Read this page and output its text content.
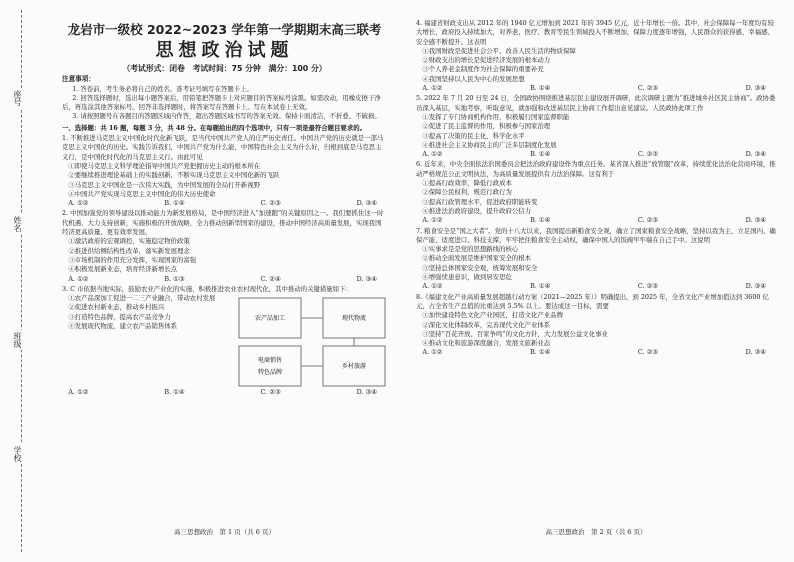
座号
姓名
班级
学校
龙岩市一级校 2022~2023 学年第一学期期末高三联考
思想政治试题
（考试形式：闭卷　考试时间：75 分钟　满分：100 分）
注意事项：

1. 答卷前，考生务必将自己的姓名、准考证号填写在答题卡上。

2. 回答选择题时，选出每小题答案后，用铅笔把答题卡上对应题目的答案标号涂黑。如需改动，用橡皮擦干净后，再选涂其他答案标号。回答非选择题时，将答案写在答题卡上。写在本试卷上无效。

3. 请按照题号在各题目的答题区域内作答，超出答题区域书写的答案无效。保持卡面清洁，不折叠、不破损。

一、选择题：共 16 题，每题 3 分，共 48 分。在每题给出的四个选项中，只有一项是最符合题目要求的。
1. 不断推进马克思主义中国化时代化新飞跃，是当代中国共产党人的庄严历史责任。中国共产党的历史就是一部马克思主义中国化的历史。实践告诉我们，中国共产党为什么能，中国特色社会主义为什么好，归根到底是马克思主义行，是中国化时代化的马克思主义行。由此可见
①即使马克思主义科学理论指导中国共产党把握历史主动的根本所在
②要继续推进理论基础上的实践创新，不断实现马克思主义中国化新的飞跃
③马克思主义中国化是一次伟大实践，为中国发展的全局打开新视野
④中国共产党实现马克思主义中国化的伟大历史使命
A. ①②	B. ①④	C. ②③	D. ③④
2. 中国加强党的领导建设以推动能力为新发展格局，是中国经济进入“加速跑”的关键原因之一。我们要抓住这一时代机遇，大力支持创新，实施积极的开放战略，全力推动创新型国家的建设，推动中国经济高质量发展，实现我国经济更高质量、更有效率发展。
①激活政府的宏观调控，实施稳定物价政策
②推进供给侧结构性改革，落实新发展理念
③市场机制的作用充分发挥，实现国家的富强
④积极发展新业态，培育经济新增长点
A. ①②	B. ①③	C. ②④	D. ③④
3. C 市依据当地实际，鼓励农业产业化的实施，积极推进农业农村现代化，其中推动的关键措施如下：
①农产品深加工促进一二三产业融合，带动农村发展
②促进农村新业态，推动乡村振兴
③打造特色品牌，提高农产品竞争力
④发展现代物流，建立农产品销售体系
农产品加工	现代物流
乡村旅游
电商销售
特色品牌
A. ①②	B. ①④	C. ②③	D. ③④
高三思想政治　第 1 页（共 6 页）
4. 福建省财政支出从 2012 年的 1940 亿元增加到 2021 年的 3945 亿元，近十年增长一倍。其中，社会保障每一年度均有较大增长，政府投入持续加大，对养老、医疗、教育等民生领域投入不断增加，保障力度逐年增强，人民群众的获得感、幸福感、安全感不断提升。这表明
①我国财政是促进社会公平、改善人民生活的物质保障
②财政支出的增长是促进经济发展的根本动力
③个人养老金制度作为社会保障的重要补充
④我国坚持以人民为中心的发展思想
A. ①②	B. ①④	C. ②③	D. ③④
5. 2022 年 7 月 20 日至 24 日，全国政协围绕推进基层民主建设展开调研，此次调研主题为“推进城乡社区民主协商”。政协委员深入基层，实地考察，听取意见，就加强和改进基层民主协商工作提出意见建议。人民政协此项工作
①发挥了专门协商机构作用，积极履行国家监督职能
②促进了民主监督的作用，积极参与国家治理
③提高了决策的民主化、科学化水平
④推进社会主义协商民主的广泛多层制度化发展
A. ①②	B. ①④	C. ②③	D. ③④
6. 近年来，中央全面依法治国委员会把法治政府建设作为重点任务。某省深入推进“放管服”改革，持续优化法治化营商环境，推动严格规范公正文明执法，为高质量发展提供有力法治保障。这有利于
①提高行政效率，降低行政成本
②保障公民权利，规范行政行为
③提高行政管理水平，促进政府职能转变
④推进法治政府建设，提升政府公信力
A. ①②	B. ①④	C. ②③	D. ③④
7. 粮食安全是“国之大者”。党的十八大以来，我国提出新粮食安全观，确立了国家粮食安全战略，坚持以我为主、立足国内、确保产能、适度进口、科技支撑，牢牢把住粮食安全主动权，确保中国人的饭碗牢牢端在自己手中。这说明
①实事求是是党的思想路线的核心
②推动全面发展是维护国家安全的根本
③坚持总体国家安全观，统筹发展和安全
④增强忧患意识，做到居安思危
A. ①②	B. ①④	C. ②③	D. ③④
8.《福建文化产业高质量发展超越行动方案（2021—2025 年）》明确提出，到 2025 年，全省文化产业增加值达到 3600 亿元，占全省生产总值的比重达到 5.5% 以上。要达成这一目标，需要
①加快建设特色文化产业园区，打造文化产业品牌
②深化文化体制改革，完善现代文化产业体系
③坚持“百花齐放、百家争鸣”的文化方针，大力发展公益文化事业
④推动文化和旅游深度融合，发展文旅新业态
A. ①②	B. ①④	C. ②③	D. ③④
高三思想政治　第 2 页（共 6 页）
